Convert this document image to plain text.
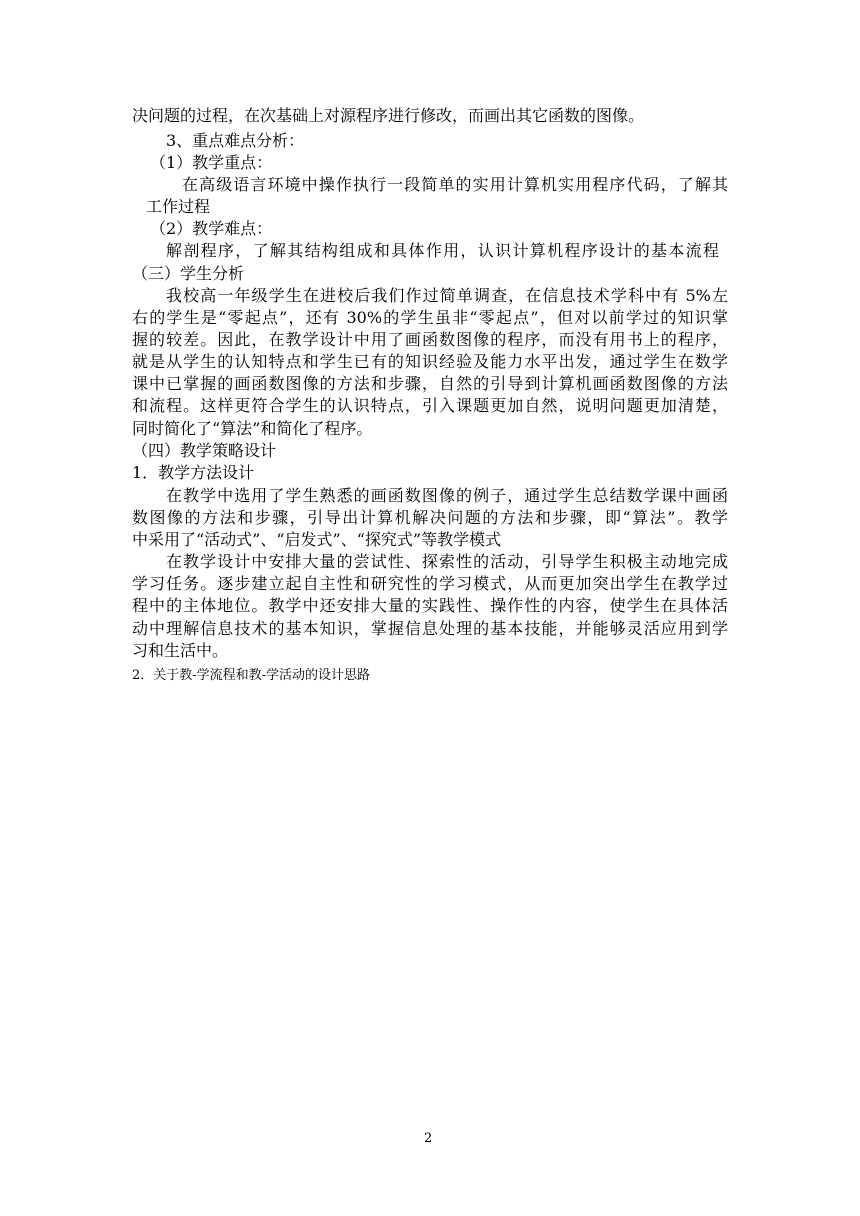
决问题的过程，在次基础上对源程序进行修改，而画出其它函数的图像。
3、重点难点分析：
（1）教学重点：
在高级语言环境中操作执行一段简单的实用计算机实用程序代码，了解其
工作过程
（2）教学难点：
解剖程序，了解其结构组成和具体作用，认识计算机程序设计的基本流程
（三）学生分析
我校高一年级学生在进校后我们作过简单调查，在信息技术学科中有 5%左
右的学生是“零起点”，还有 30%的学生虽非“零起点”，但对以前学过的知识掌
握的较差。因此，在教学设计中用了画函数图像的程序，而没有用书上的程序，
就是从学生的认知特点和学生已有的知识经验及能力水平出发，通过学生在数学
课中已掌握的画函数图像的方法和步骤，自然的引导到计算机画函数图像的方法
和流程。这样更符合学生的认识特点，引入课题更加自然，说明问题更加清楚，
同时简化了“算法”和简化了程序。
（四）教学策略设计
1．教学方法设计
在教学中选用了学生熟悉的画函数图像的例子，通过学生总结数学课中画函
数图像的方法和步骤，引导出计算机解决问题的方法和步骤，即“算法”。教学
中采用了“活动式”、“启发式”、“探究式”等教学模式
在教学设计中安排大量的尝试性、探索性的活动，引导学生积极主动地完成
学习任务。逐步建立起自主性和研究性的学习模式，从而更加突出学生在教学过
程中的主体地位。教学中还安排大量的实践性、操作性的内容，使学生在具体活
动中理解信息技术的基本知识，掌握信息处理的基本技能，并能够灵活应用到学
习和生活中。
2．关于教-学流程和教-学活动的设计思路
2
